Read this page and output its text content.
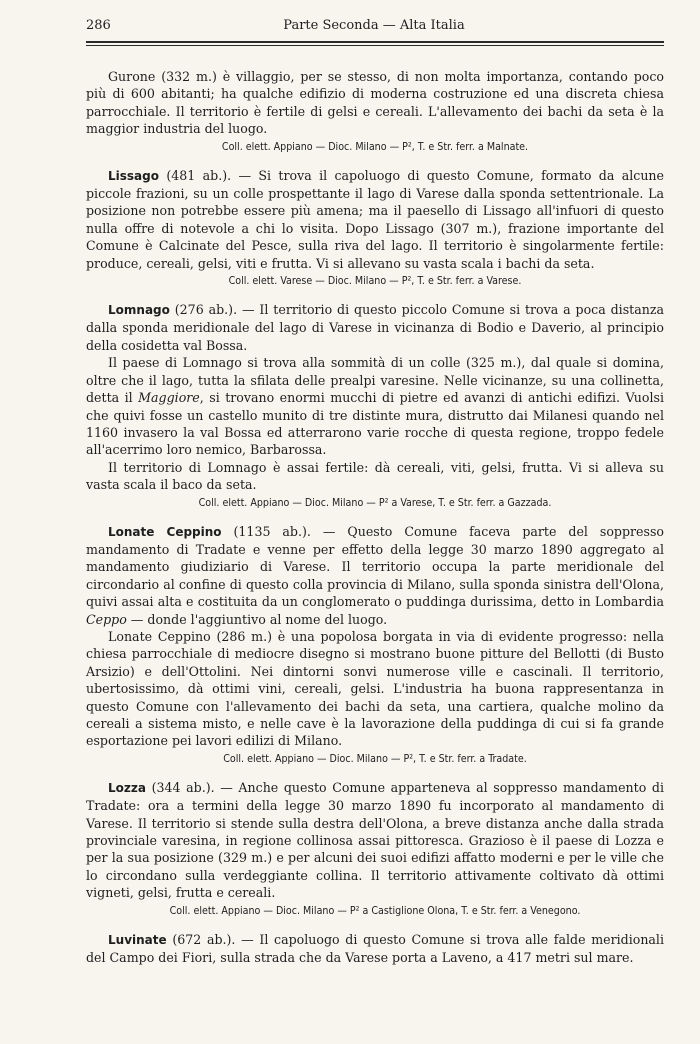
286	Parte Seconda — Alta Italia

Gurone (332 m.) è villaggio, per se stesso, di non molta importanza, contando poco più di 600 abitanti; ha qualche edifizio di moderna costruzione ed una discreta chiesa parrocchiale. Il territorio è fertile di gelsi e cereali. L'allevamento dei bachi da seta è la maggior industria del luogo.

Coll. elett. Appiano — Dioc. Milano — P², T. e Str. ferr. a Malnate.

Lissago (481 ab.). — Si trova il capoluogo di questo Comune, formato da alcune piccole frazioni, su un colle prospettante il lago di Varese dalla sponda settentrionale. La posizione non potrebbe essere più amena; ma il paesello di Lissago all'infuori di questo nulla offre di notevole a chi lo visita. Dopo Lissago (307 m.), frazione importante del Comune è Calcinate del Pesce, sulla riva del lago. Il territorio è singolarmente fertile: produce, cereali, gelsi, viti e frutta. Vi si allevano su vasta scala i bachi da seta.

Coll. elett. Varese — Dioc. Milano — P², T. e Str. ferr. a Varese.

Lomnago (276 ab.). — Il territorio di questo piccolo Comune si trova a poca distanza dalla sponda meridionale del lago di Varese in vicinanza di Bodio e Daverio, al principio della cosidetta val Bossa.

Il paese di Lomnago si trova alla sommità di un colle (325 m.), dal quale si domina, oltre che il lago, tutta la sfilata delle prealpi varesine. Nelle vicinanze, su una collinetta, detta il Maggiore, si trovano enormi mucchi di pietre ed avanzi di antichi edifizi. Vuolsi che quivi fosse un castello munito di tre distinte mura, distrutto dai Milanesi quando nel 1160 invasero la val Bossa ed atterrarono varie rocche di questa regione, troppo fedele all'acerrimo loro nemico, Barbarossa.

Il territorio di Lomnago è assai fertile: dà cereali, viti, gelsi, frutta. Vi si alleva su vasta scala il baco da seta.

Coll. elett. Appiano — Dioc. Milano — P² a Varese, T. e Str. ferr. a Gazzada.

Lonate Ceppino (1135 ab.). — Questo Comune faceva parte del soppresso mandamento di Tradate e venne per effetto della legge 30 marzo 1890 aggregato al mandamento giudiziario di Varese. Il territorio occupa la parte meridionale del circondario al confine di questo colla provincia di Milano, sulla sponda sinistra dell'Olona, quivi assai alta e costituita da un conglomerato o puddinga durissima, detto in Lombardia Ceppo — donde l'aggiuntivo al nome del luogo.

Lonate Ceppino (286 m.) è una popolosa borgata in via di evidente progresso: nella chiesa parrocchiale di mediocre disegno si mostrano buone pitture del Bellotti (di Busto Arsizio) e dell'Ottolini. Nei dintorni sonvi numerose ville e cascinali. Il territorio, ubertosissimo, dà ottimi vini, cereali, gelsi. L'industria ha buona rappresentanza in questo Comune con l'allevamento dei bachi da seta, una cartiera, qualche molino da cereali a sistema misto, e nelle cave è la lavorazione della puddinga di cui si fa grande esportazione pei lavori edilizi di Milano.

Coll. elett. Appiano — Dioc. Milano — P², T. e Str. ferr. a Tradate.

Lozza (344 ab.). — Anche questo Comune apparteneva al soppresso mandamento di Tradate: ora a termini della legge 30 marzo 1890 fu incorporato al mandamento di Varese. Il territorio si stende sulla destra dell'Olona, a breve distanza anche dalla strada provinciale varesina, in regione collinosa assai pittoresca. Grazioso è il paese di Lozza e per la sua posizione (329 m.) e per alcuni dei suoi edifizi affatto moderni e per le ville che lo circondano sulla verdeggiante collina. Il territorio attivamente coltivato dà ottimi vigneti, gelsi, frutta e cereali.

Coll. elett. Appiano — Dioc. Milano — P² a Castiglione Olona, T. e Str. ferr. a Venegono.

Luvinate (672 ab.). — Il capoluogo di questo Comune si trova alle falde meridionali del Campo dei Fiori, sulla strada che da Varese porta a Laveno, a 417 metri sul mare.
